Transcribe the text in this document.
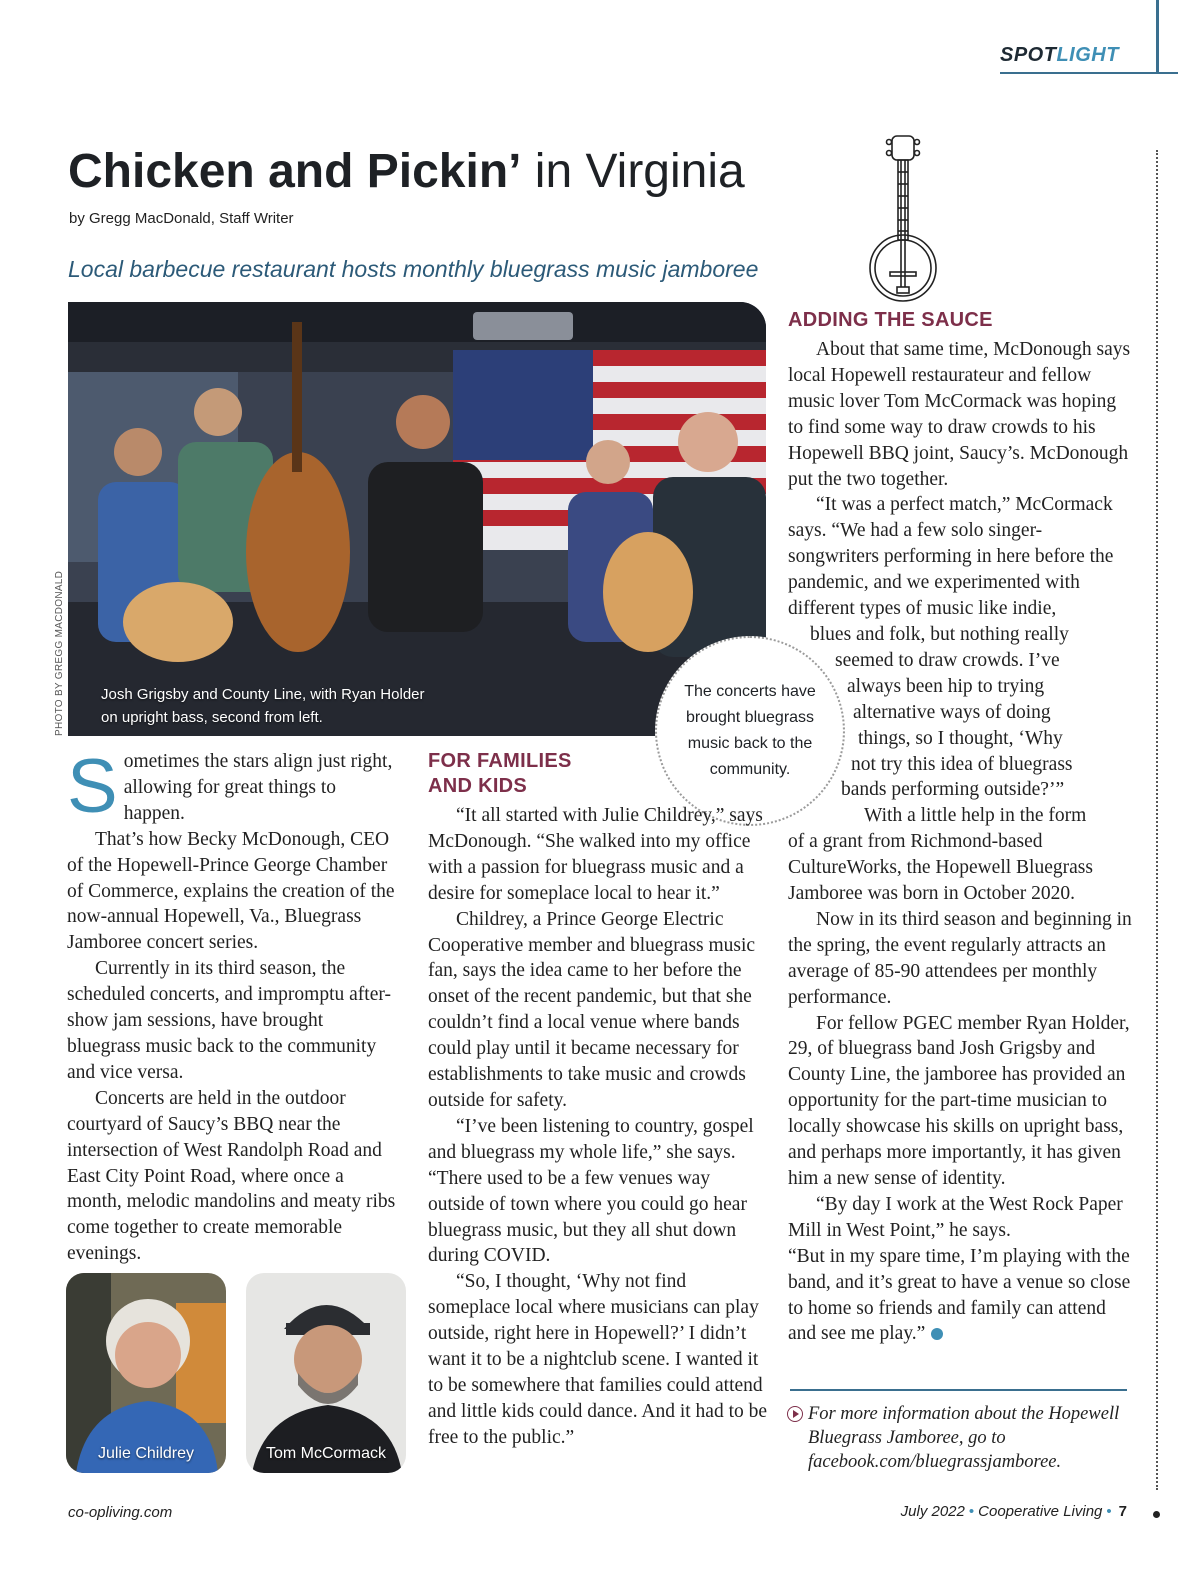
SPOTLIGHT
Chicken and Pickin’ in Virginia
by Gregg MacDonald, Staff Writer
Local barbecue restaurant hosts monthly bluegrass music jamboree
Josh Grigsby and County Line, with Ryan Holder
on upright bass, second from left.
PHOTO BY GREGG MACDONALD	The concerts have brought bluegrass music back to the community.

Sometimes the stars align just right, allowing for great things to happen.

That’s how Becky McDonough, CEO of the Hopewell-Prince George Chamber of Commerce, explains the creation of the now-annual Hopewell, Va., Bluegrass Jamboree concert series.

Currently in its third season, the scheduled concerts, and impromptu after-show jam sessions, have brought bluegrass music back to the community and vice versa.

Concerts are held in the outdoor courtyard of Saucy’s BBQ near the intersection of West Randolph Road and East City Point Road, where once a month, melodic mandolins and meaty ribs come together to create memorable evenings.

Julie Childrey	Tom McCormack
FOR FAMILIES
AND KIDS

“It all started with Julie Childrey,” says McDonough. “She walked into my office with a passion for bluegrass music and a desire for someplace local to hear it.”

Childrey, a Prince George Electric Cooperative member and bluegrass music fan, says the idea came to her before the onset of the recent pandemic, but that she couldn’t find a local venue where bands could play until it became necessary for establishments to take music and crowds outside for safety.

“I’ve been listening to country, gospel and bluegrass my whole life,” she says. “There used to be a few venues way outside of town where you could go hear bluegrass music, but they all shut down during COVID.

“So, I thought, ‘Why not find someplace local where musicians can play outside, right here in Hopewell?’ I didn’t want it to be a nightclub scene. I wanted it to be somewhere that families could attend and little kids could dance. And it had to be free to the public.”

ADDING THE SAUCE

About that same time, McDonough says local Hopewell restaurateur and fellow music lover Tom McCormack was hoping to find some way to draw crowds to his Hopewell BBQ joint, Saucy’s. McDonough put the two together.

“It was a perfect match,” McCormack says. “We had a few solo singer-songwriters performing in here before the pandemic, and we experimented with different types of music like indie,

blues and folk, but nothing really

seemed to draw crowds. I’ve

always been hip to trying

alternative ways of doing

things, so I thought, ‘Why

not try this idea of bluegrass

bands performing outside?’”

With a little help in the form

of a grant from Richmond-based CultureWorks, the Hopewell Bluegrass Jamboree was born in October 2020.

Now in its third season and beginning in the spring, the event regularly attracts an average of 85-90 attendees per monthly performance.

For fellow PGEC member Ryan Holder, 29, of bluegrass band Josh Grigsby and County Line, the jamboree has provided an opportunity for the part-time musician to locally showcase his skills on upright bass, and perhaps more importantly, it has given him a new sense of identity.

“By day I work at the West Rock Paper Mill in West Point,” he says.

“But in my spare time, I’m playing with the band, and it’s great to have a venue so close to home so friends and family can attend and see me play.”

For more information about the Hopewell Bluegrass Jamboree, go to facebook.com/bluegrassjamboree.
co-opliving.com	July 2022 • Cooperative Living • 7
